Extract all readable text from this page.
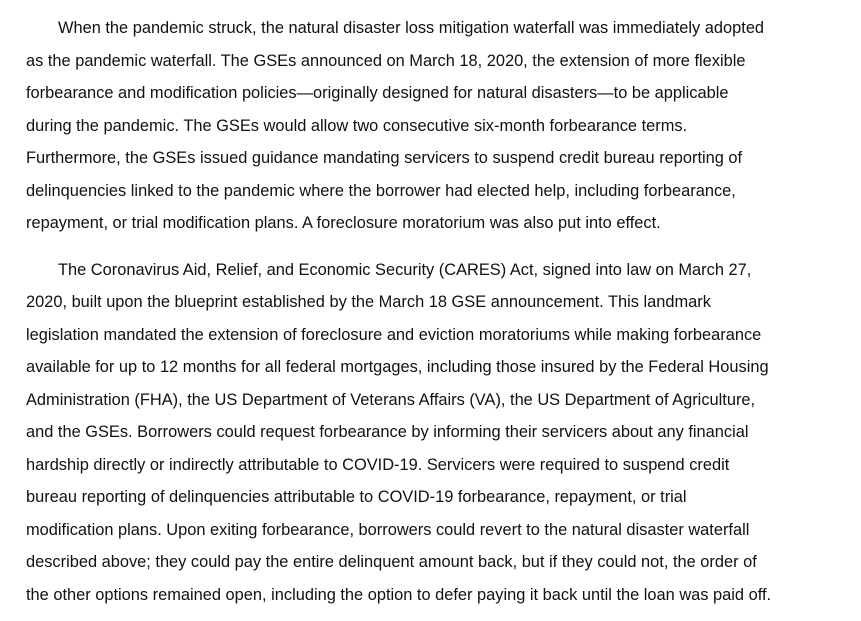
When the pandemic struck, the natural disaster loss mitigation waterfall was immediately adopted
as the pandemic waterfall. The GSEs announced on March 18, 2020, the extension of more flexible
forbearance and modification policies—originally designed for natural disasters—to be applicable
during the pandemic. The GSEs would allow two consecutive six-month forbearance terms.
Furthermore, the GSEs issued guidance mandating servicers to suspend credit bureau reporting of
delinquencies linked to the pandemic where the borrower had elected help, including forbearance,
repayment, or trial modification plans. A foreclosure moratorium was also put into effect.

The Coronavirus Aid, Relief, and Economic Security (CARES) Act, signed into law on March 27,
2020, built upon the blueprint established by the March 18 GSE announcement. This landmark
legislation mandated the extension of foreclosure and eviction moratoriums while making forbearance
available for up to 12 months for all federal mortgages, including those insured by the Federal Housing
Administration (FHA), the US Department of Veterans Affairs (VA), the US Department of Agriculture,
and the GSEs. Borrowers could request forbearance by informing their servicers about any financial
hardship directly or indirectly attributable to COVID-19. Servicers were required to suspend credit
bureau reporting of delinquencies attributable to COVID-19 forbearance, repayment, or trial
modification plans. Upon exiting forbearance, borrowers could revert to the natural disaster waterfall
described above; they could pay the entire delinquent amount back, but if they could not, the order of
the other options remained open, including the option to defer paying it back until the loan was paid off.
